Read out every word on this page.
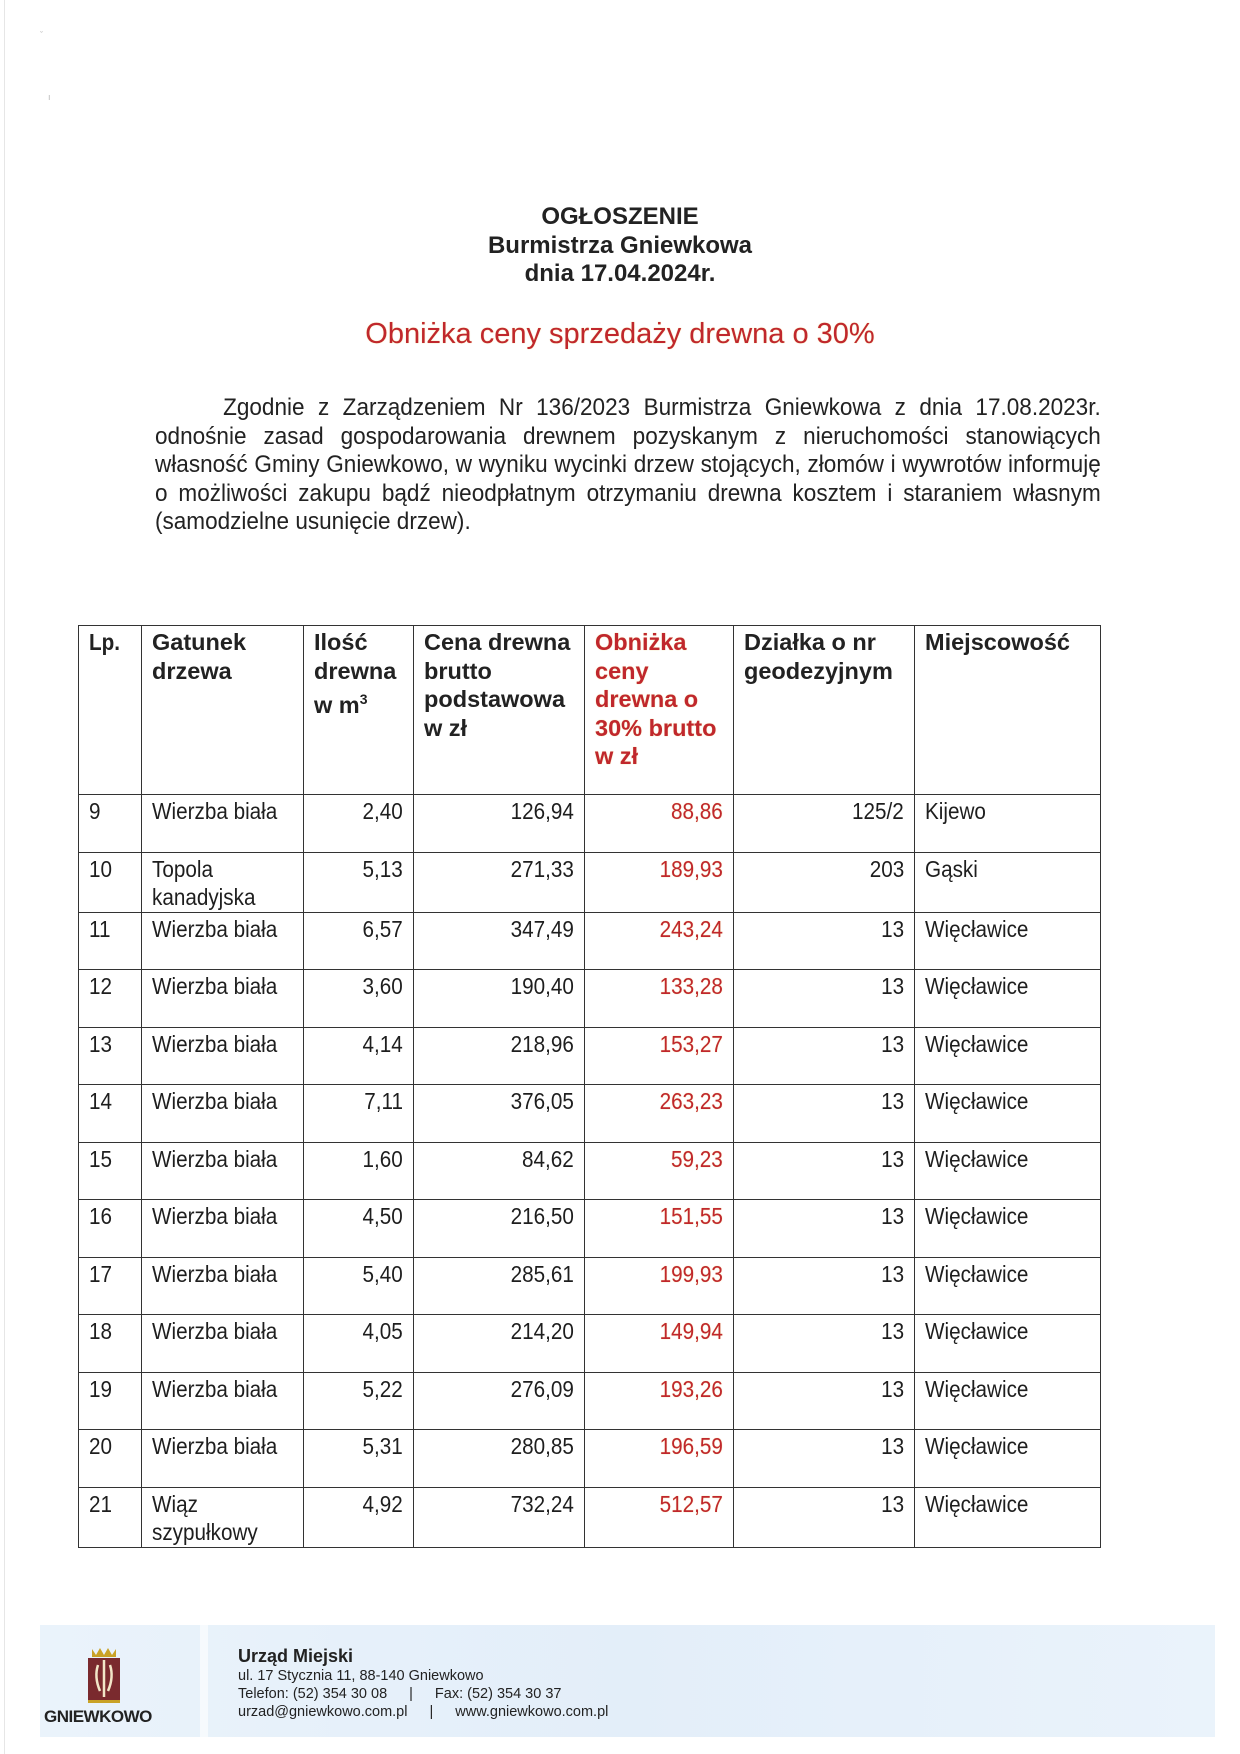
ˇ
ı
OGŁOSZENIE
Burmistrza Gniewkowa
dnia 17.04.2024r.
Obniżka ceny sprzedaży drewna o 30%

Zgodnie z Zarządzeniem Nr 136/2023 Burmistrza Gniewkowa z dnia 17.08.2023r. odnośnie zasad gospodarowania drewnem pozyskanym z nieruchomości stanowiących własność Gminy Gniewkowo, w wyniku wycinki drzew stojących, złomów i wywrotów informuję o możliwości zakupu bądź nieodpłatnym otrzymaniu drewna kosztem i staraniem własnym (samodzielne usunięcie drzew).

Lp.	Gatunek drzewa	Ilość drewna w $m^3$	Cena drewna brutto podstawowa w zł	Obniżka ceny drewna o 30% brutto w zł	Działka o nr geodezyjnym	Miejscowość
9	Wierzba biała	2,40	126,94	88,86	125/2	Kijewo
10	Topola kanadyjska	5,13	271,33	189,93	203	Gąski
11	Wierzba biała	6,57	347,49	243,24	13	Więcławice
12	Wierzba biała	3,60	190,40	133,28	13	Więcławice
13	Wierzba biała	4,14	218,96	153,27	13	Więcławice
14	Wierzba biała	7,11	376,05	263,23	13	Więcławice
15	Wierzba biała	1,60	84,62	59,23	13	Więcławice
16	Wierzba biała	4,50	216,50	151,55	13	Więcławice
17	Wierzba biała	5,40	285,61	199,93	13	Więcławice
18	Wierzba biała	4,05	214,20	149,94	13	Więcławice
19	Wierzba biała	5,22	276,09	193,26	13	Więcławice
20	Wierzba biała	5,31	280,85	196,59	13	Więcławice
21	Wiąz szypułkowy	4,92	732,24	512,57	13	Więcławice
GNIEWKOWO
Urząd Miejski
ul. 17 Stycznia 11, 88-140 Gniewkowo
Telefon: (52) 354 30 08 | Fax: (52) 354 30 37
urzad@gniewkowo.com.pl | www.gniewkowo.com.pl
